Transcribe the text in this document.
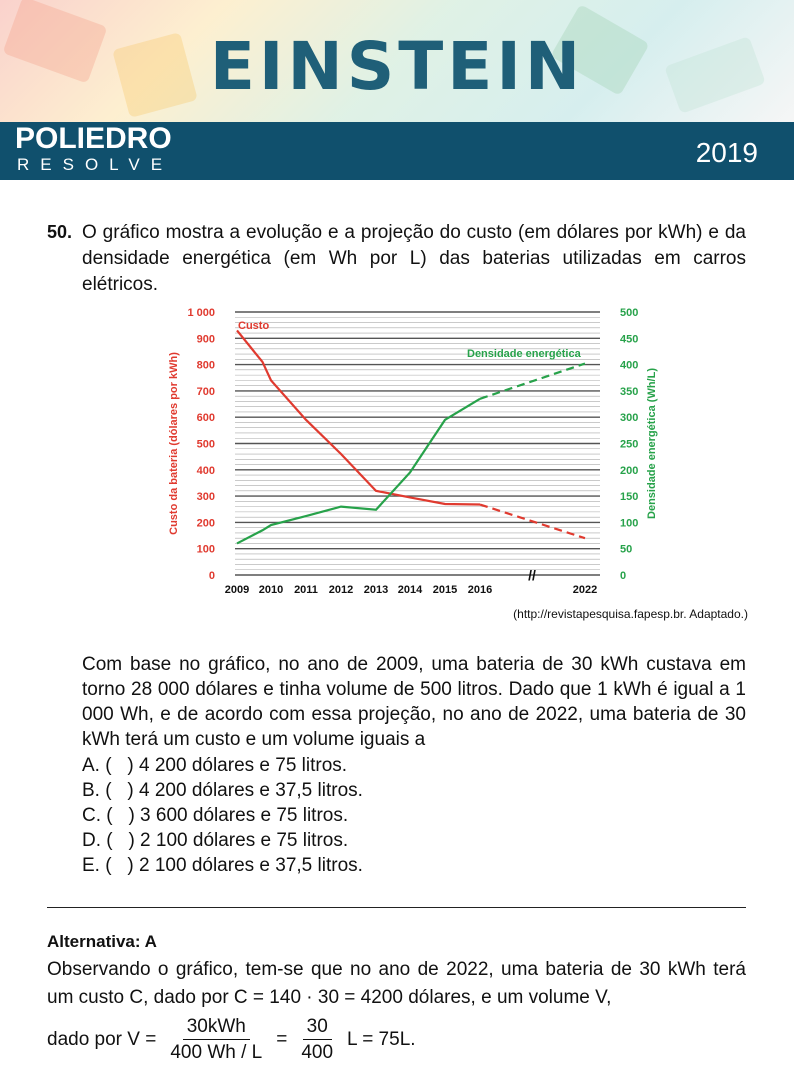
EINSTEIN
POLIEDRO
RESOLVE	2019
50. O gráfico mostra a evolução e a projeção do custo (em dólares por kWh) e da densidade energética (em Wh por L) das baterias utilizadas em carros elétricos.
0
100
200
300
400
500
600
700
800
900
1 000
0
50
100
150
200
250
300
350
400
450
500
2009 2010 2011 2012 2013 2014 2015 2016	2022
//
Custo da bateria (dólares por kWh)	Densidade energética (Wh/L)
Custo
Densidade energética
(http://revistapesquisa.fapesp.br. Adaptado.)
Com base no gráfico, no ano de 2009, uma bateria de 30 kWh custava em torno 28 000 dólares e tinha volume de 500 litros. Dado que 1 kWh é igual a 1 000 Wh, e de acordo com essa projeção, no ano de 2022, uma bateria de 30 kWh terá um custo e um volume iguais a
A. (   ) 4 200 dólares e 75 litros.
B. (   ) 4 200 dólares e 37,5 litros.
C. (   ) 3 600 dólares e 75 litros.
D. (   ) 2 100 dólares e 75 litros.
E. (   ) 2 100 dólares e 37,5 litros.
Alternativa: A
Observando o gráfico, tem-se que no ano de 2022, uma bateria de 30 kWh terá um custo C, dado por C = 140 · 30 = 4200 dólares, e um volume V,
dado por $V = \frac{\text{30kWh}}{400 Wh / L} = \frac{30}{400}$ L = 75L.
